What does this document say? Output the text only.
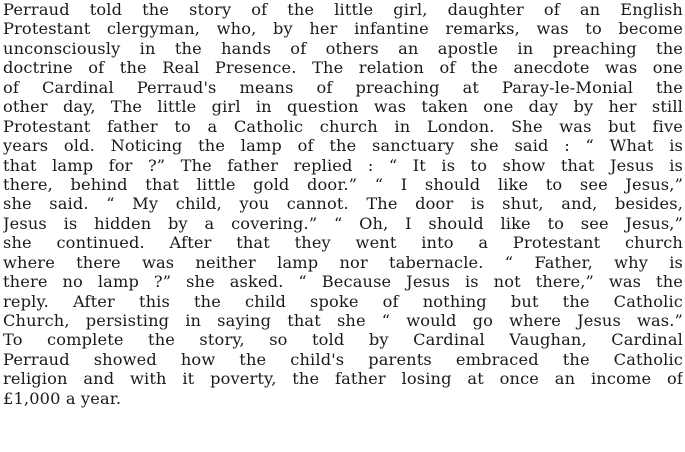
Perraud told the story of the little girl, daughter of an English
Protestant clergyman, who, by her infantine remarks, was to become
unconsciously in the hands of others an apostle in preaching the
doctrine of the Real Presence. The relation of the anecdote was one
of Cardinal Perraud's means of preaching at Paray-le-Monial the
other day, The little girl in question was taken one day by her still
Protestant father to a Catholic church in London. She was but five
years old. Noticing the lamp of the sanctuary she said : “ What is
that lamp for ?” The father replied : “ It is to show that Jesus is
there, behind that little gold door.” “ I should like to see Jesus,”
she said. “ My child, you cannot. The door is shut, and, besides,
Jesus is hidden by a covering.” “ Oh, I should like to see Jesus,”
she continued. After that they went into a Protestant church
where there was neither lamp nor tabernacle. “ Father, why is
there no lamp ?” she asked. “ Because Jesus is not there,” was the
reply. After this the child spoke of nothing but the Catholic
Church, persisting in saying that she “ would go where Jesus was.”
To complete the story, so told by Cardinal Vaughan, Cardinal
Perraud showed how the child's parents embraced the Catholic
religion and with it poverty, the father losing at once an income of
£1,000 a year.
